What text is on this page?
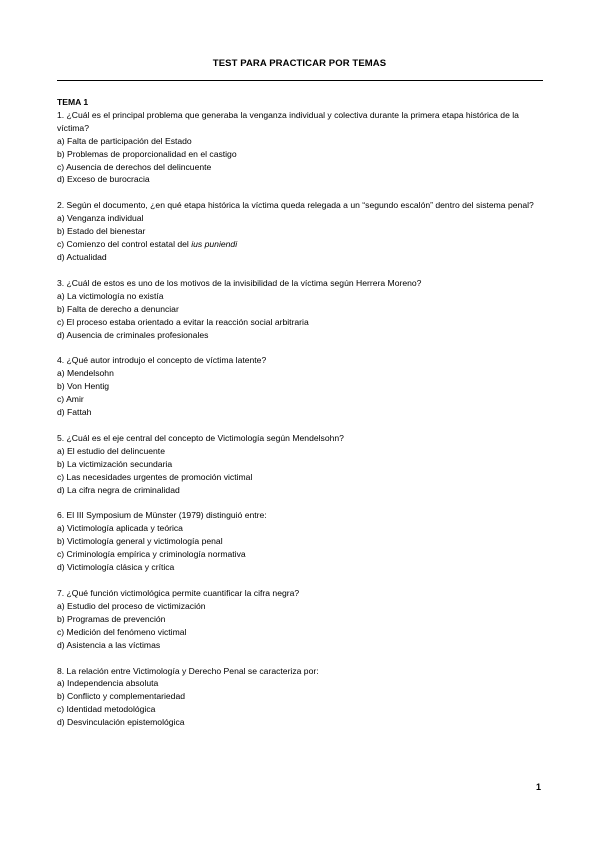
TEST PARA PRACTICAR POR TEMAS
TEMA 1
1. ¿Cuál es el principal problema que generaba la venganza individual y colectiva durante la primera etapa histórica de la víctima?
a) Falta de participación del Estado
b) Problemas de proporcionalidad en el castigo
c) Ausencia de derechos del delincuente
d) Exceso de burocracia
2. Según el documento, ¿en qué etapa histórica la víctima queda relegada a un “segundo escalón” dentro del sistema penal?
a) Venganza individual
b) Estado del bienestar
c) Comienzo del control estatal del ius puniendi
d) Actualidad
3. ¿Cuál de estos es uno de los motivos de la invisibilidad de la víctima según Herrera Moreno?
a) La victimología no existía
b) Falta de derecho a denunciar
c) El proceso estaba orientado a evitar la reacción social arbitraria
d) Ausencia de criminales profesionales
4. ¿Qué autor introdujo el concepto de víctima latente?
a) Mendelsohn
b) Von Hentig
c) Amir
d) Fattah
5. ¿Cuál es el eje central del concepto de Victimología según Mendelsohn?
a) El estudio del delincuente
b) La victimización secundaria
c) Las necesidades urgentes de promoción victimal
d) La cifra negra de criminalidad
6. El III Symposium de Münster (1979) distinguió entre:
a) Victimología aplicada y teórica
b) Victimología general y victimología penal
c) Criminología empírica y criminología normativa
d) Victimología clásica y crítica
7. ¿Qué función victimológica permite cuantificar la cifra negra?
a) Estudio del proceso de victimización
b) Programas de prevención
c) Medición del fenómeno victimal
d) Asistencia a las víctimas
8. La relación entre Victimología y Derecho Penal se caracteriza por:
a) Independencia absoluta
b) Conflicto y complementariedad
c) Identidad metodológica
d) Desvinculación epistemológica
1
